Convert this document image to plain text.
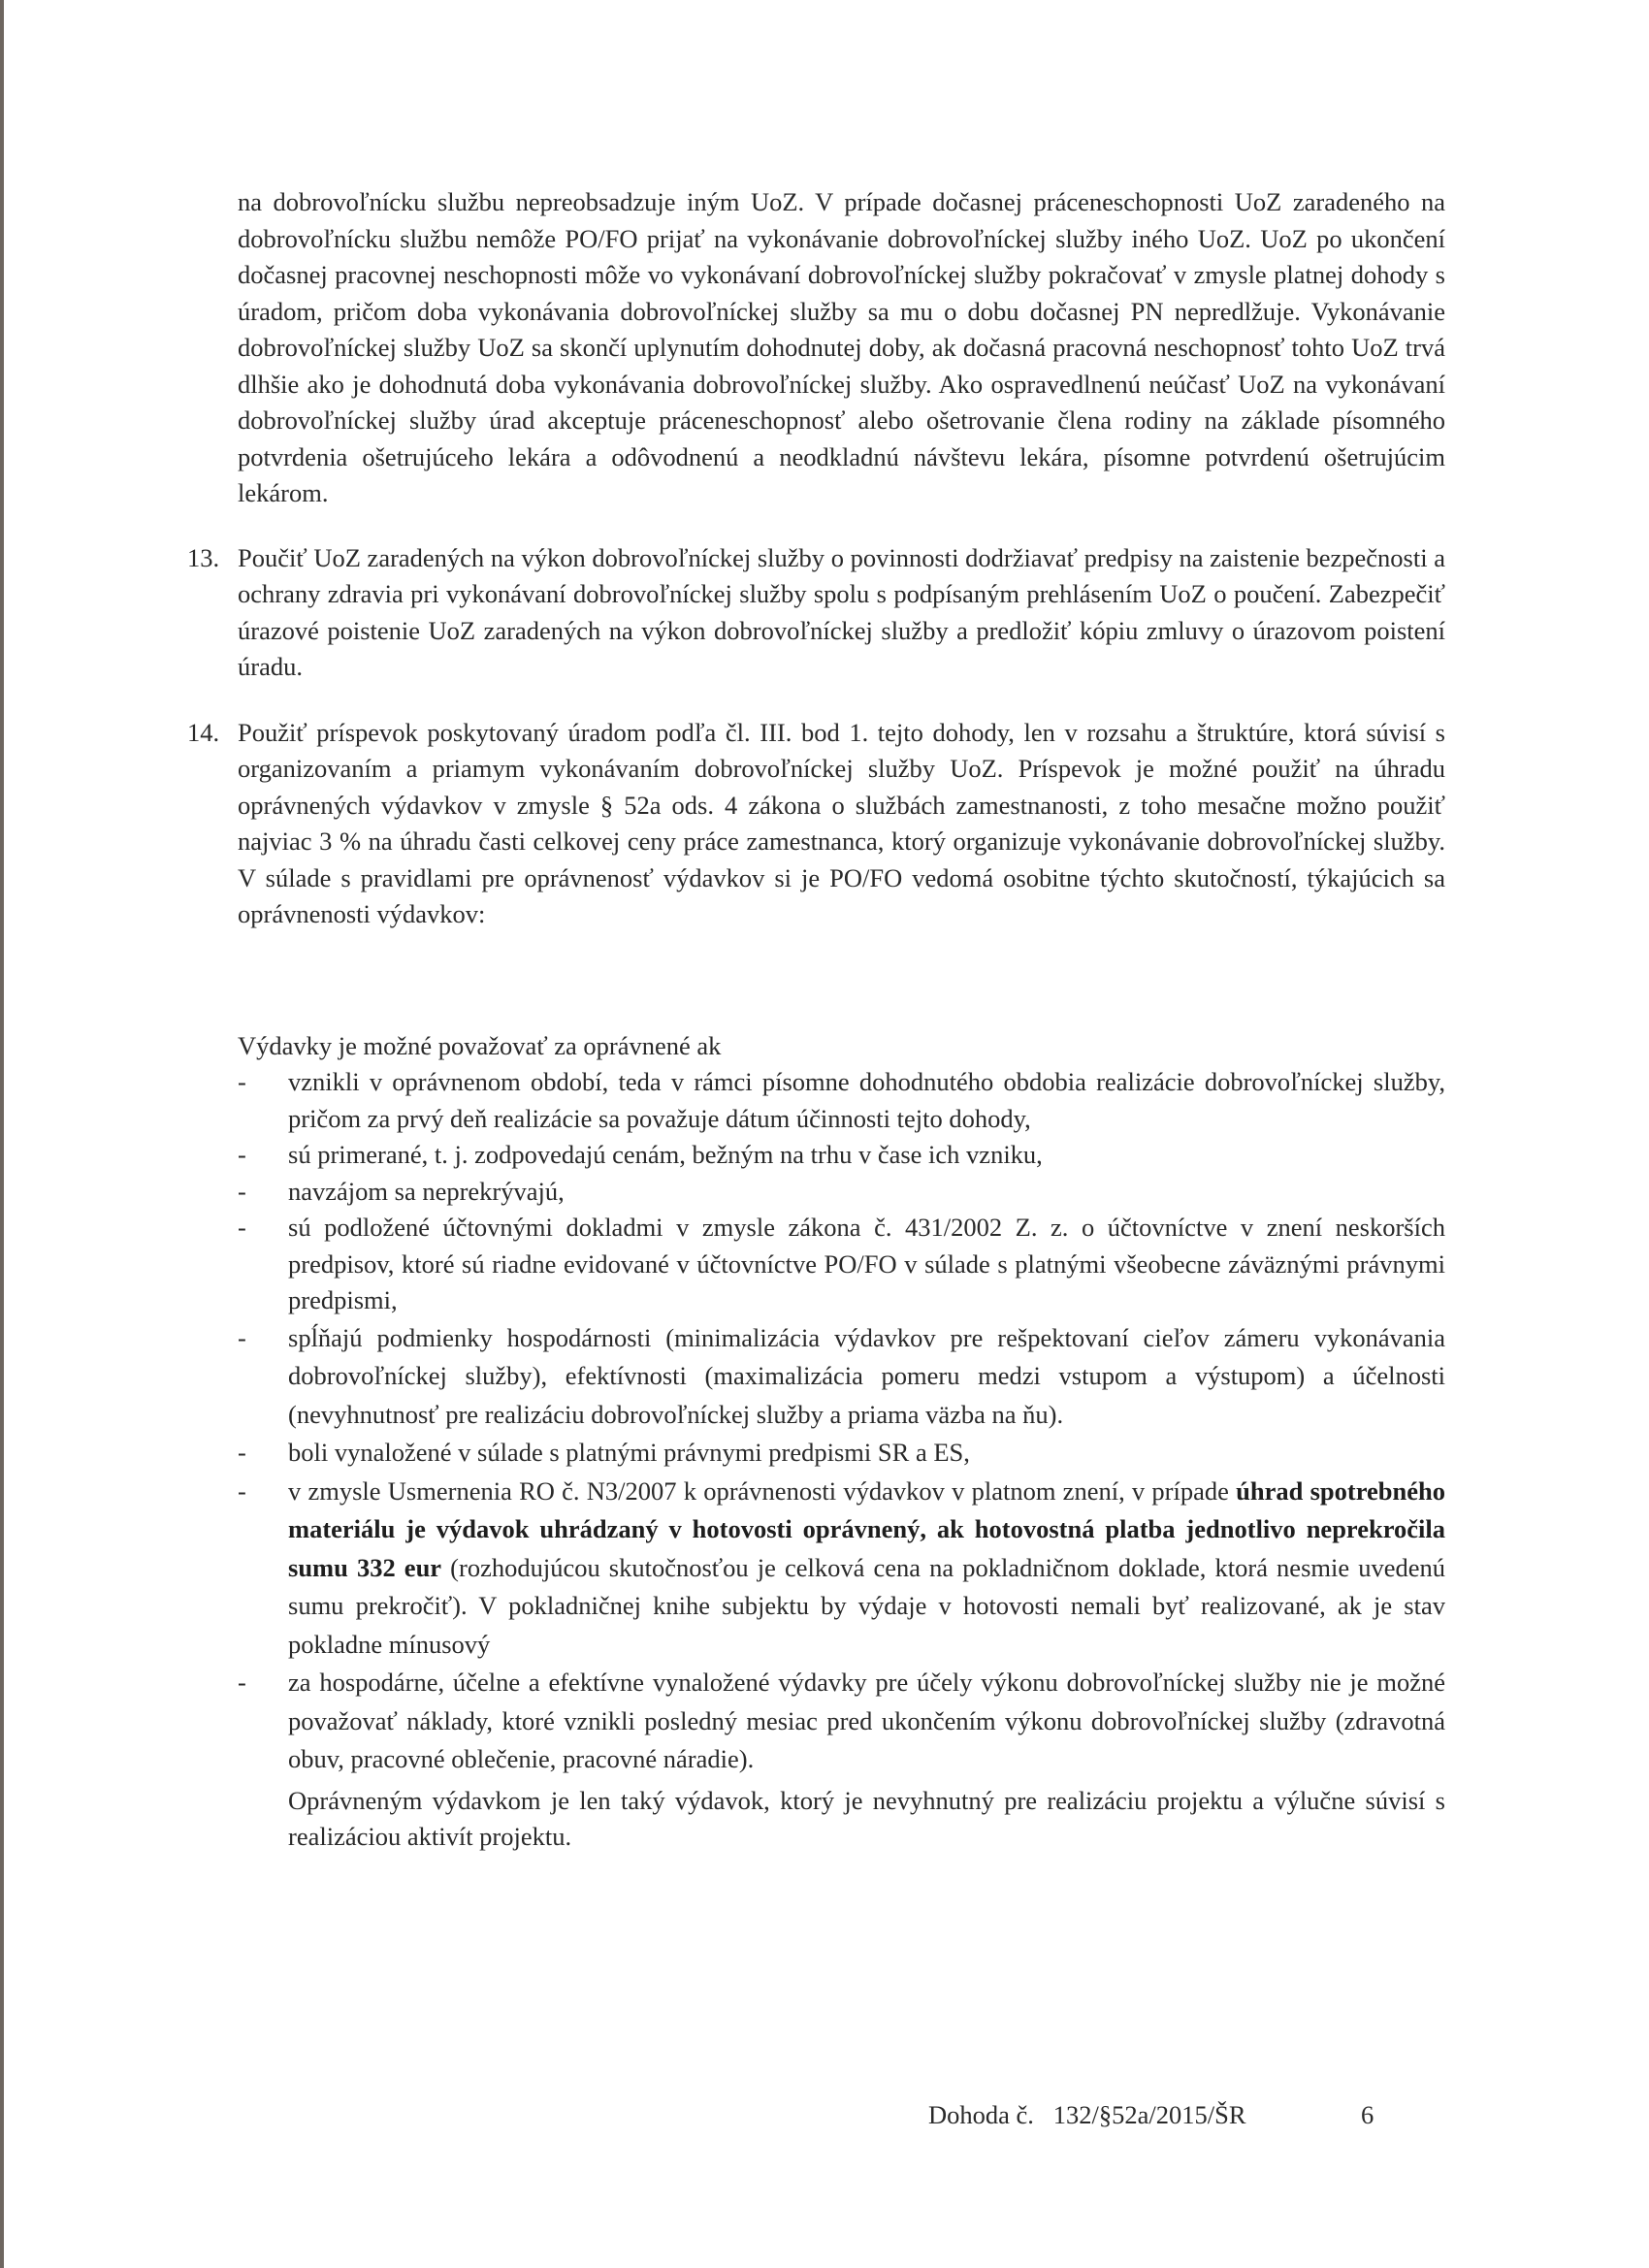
na dobrovoľnícku službu nepreobsadzuje iným UoZ. V prípade dočasnej práceneschopnosti UoZ zaradeného na dobrovoľnícku službu nemôže PO/FO prijať na vykonávanie dobrovoľníckej služby iného UoZ. UoZ po ukončení dočasnej pracovnej neschopnosti môže vo vykonávaní dobrovoľníckej služby pokračovať v zmysle platnej dohody s úradom, pričom doba vykonávania dobrovoľníckej služby sa mu o dobu dočasnej PN nepredlžuje. Vykonávanie dobrovoľníckej služby UoZ sa skončí uplynutím dohodnutej doby, ak dočasná pracovná neschopnosť tohto UoZ trvá dlhšie ako je dohodnutá doba vykonávania dobrovoľníckej služby. Ako ospravedlnenú neúčasť UoZ na vykonávaní dobrovoľníckej služby úrad akceptuje práceneschopnosť alebo ošetrovanie člena rodiny na základe písomného potvrdenia ošetrujúceho lekára a odôvodnenú a neodkladnú návštevu lekára, písomne potvrdenú ošetrujúcim lekárom.

13. Poučiť UoZ zaradených na výkon dobrovoľníckej služby o povinnosti dodržiavať predpisy na zaistenie bezpečnosti a ochrany zdravia pri vykonávaní dobrovoľníckej služby spolu s podpísaným prehlásením UoZ o poučení. Zabezpečiť úrazové poistenie UoZ zaradených na výkon dobrovoľníckej služby a predložiť kópiu zmluvy o úrazovom poistení úradu.

14. Použiť príspevok poskytovaný úradom podľa čl. III. bod 1. tejto dohody, len v rozsahu a štruktúre, ktorá súvisí s organizovaním a priamym vykonávaním dobrovoľníckej služby UoZ. Príspevok je možné použiť na úhradu oprávnených výdavkov v zmysle § 52a ods. 4 zákona o službách zamestnanosti, z toho mesačne možno použiť najviac 3 % na úhradu časti celkovej ceny práce zamestnanca, ktorý organizuje vykonávanie dobrovoľníckej služby. V súlade s pravidlami pre oprávnenosť výdavkov si je PO/FO vedomá osobitne týchto skutočností, týkajúcich sa oprávnenosti výdavkov:

Výdavky je možné považovať za oprávnené ak

- vznikli v oprávnenom období, teda v rámci písomne dohodnutého obdobia realizácie dobrovoľníckej služby, pričom za prvý deň realizácie sa považuje dátum účinnosti tejto dohody,
- sú primerané, t. j. zodpovedajú cenám, bežným na trhu v čase ich vzniku,
- navzájom sa neprekrývajú,
- sú podložené účtovnými dokladmi v zmysle zákona č. 431/2002 Z. z. o účtovníctve v znení neskorších predpisov, ktoré sú riadne evidované v účtovníctve PO/FO v súlade s platnými všeobecne záväznými právnymi predpismi,
- spĺňajú podmienky hospodárnosti (minimalizácia výdavkov pre rešpektovaní cieľov zámeru vykonávania dobrovoľníckej služby), efektívnosti (maximalizácia pomeru medzi vstupom a výstupom) a účelnosti (nevyhnutnosť pre realizáciu dobrovoľníckej služby a priama väzba na ňu).
- boli vynaložené v súlade s platnými právnymi predpismi SR a ES,
- v zmysle Usmernenia RO č. N3/2007 k oprávnenosti výdavkov v platnom znení, v prípade úhrad spotrebného materiálu je výdavok uhrádzaný v hotovosti oprávnený, ak hotovostná platba jednotlivo neprekročila sumu 332 eur (rozhodujúcou skutočnosťou je celková cena na pokladničnom doklade, ktorá nesmie uvedenú sumu prekročiť). V pokladničnej knihe subjektu by výdaje v hotovosti nemali byť realizované, ak je stav pokladne mínusový
- za hospodárne, účelne a efektívne vynaložené výdavky pre účely výkonu dobrovoľníckej služby nie je možné považovať náklady, ktoré vznikli posledný mesiac pred ukončením výkonu dobrovoľníckej služby (zdravotná obuv, pracovné oblečenie, pracovné náradie).

Oprávneným výdavkom je len taký výdavok, ktorý je nevyhnutný pre realizáciu projektu a výlučne súvisí s realizáciou aktivít projektu.

Dohoda č.   132/§52a/2015/ŠR	6
